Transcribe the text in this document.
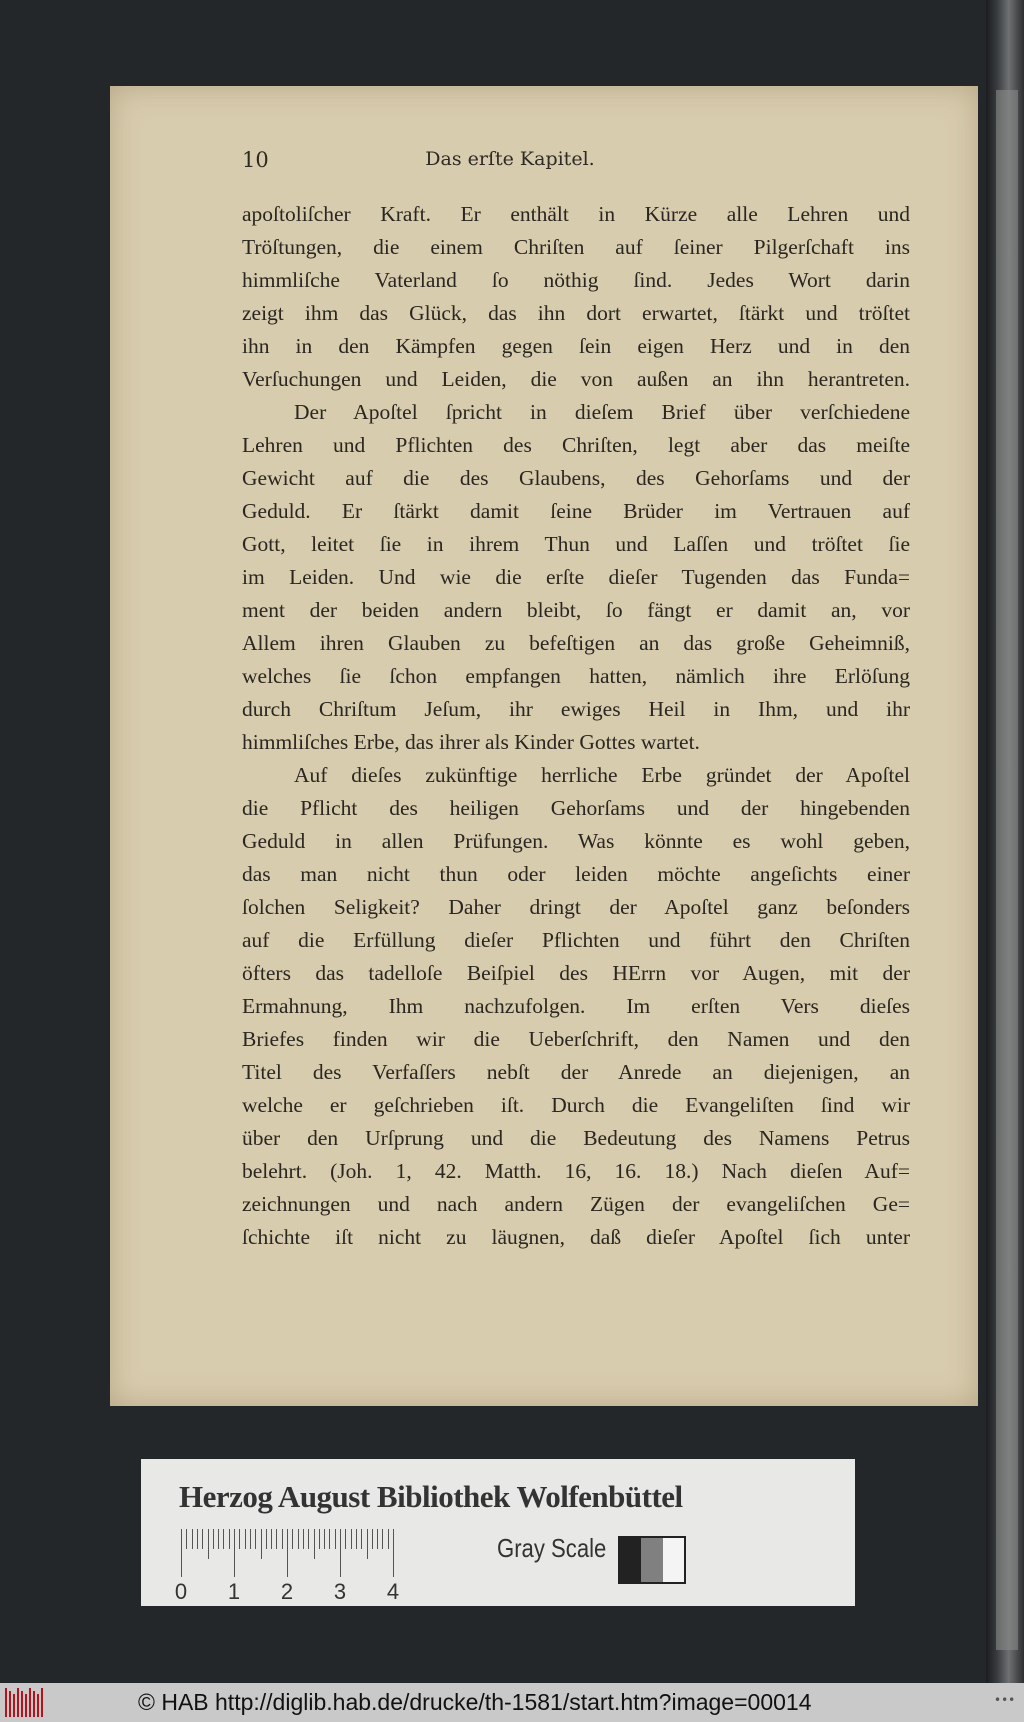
10	Das erſte Kapitel.
apoſtoliſcher Kraft. Er enthält in Kürze alle Lehren und
Tröſtungen, die einem Chriſten auf ſeiner Pilgerſchaft ins
himmliſche Vaterland ſo nöthig ſind. Jedes Wort darin
zeigt ihm das Glück, das ihn dort erwartet, ſtärkt und tröſtet
ihn in den Kämpfen gegen ſein eigen Herz und in den
Verſuchungen und Leiden, die von außen an ihn herantreten.
Der Apoſtel ſpricht in dieſem Brief über verſchiedene
Lehren und Pflichten des Chriſten, legt aber das meiſte
Gewicht auf die des Glaubens, des Gehorſams und der
Geduld. Er ſtärkt damit ſeine Brüder im Vertrauen auf
Gott, leitet ſie in ihrem Thun und Laſſen und tröſtet ſie
im Leiden. Und wie die erſte dieſer Tugenden das Funda=
ment der beiden andern bleibt, ſo fängt er damit an, vor
Allem ihren Glauben zu befeſtigen an das große Geheimniß,
welches ſie ſchon empfangen hatten, nämlich ihre Erlöſung
durch Chriſtum Jeſum, ihr ewiges Heil in Ihm, und ihr
himmliſches Erbe, das ihrer als Kinder Gottes wartet.
Auf dieſes zukünftige herrliche Erbe gründet der Apoſtel
die Pflicht des heiligen Gehorſams und der hingebenden
Geduld in allen Prüfungen. Was könnte es wohl geben,
das man nicht thun oder leiden möchte angeſichts einer
ſolchen Seligkeit? Daher dringt der Apoſtel ganz beſonders
auf die Erfüllung dieſer Pflichten und führt den Chriſten
öfters das tadelloſe Beiſpiel des HErrn vor Augen, mit der
Ermahnung, Ihm nachzufolgen. Im erſten Vers dieſes
Briefes finden wir die Ueberſchrift, den Namen und den
Titel des Verfaſſers nebſt der Anrede an diejenigen, an
welche er geſchrieben iſt. Durch die Evangeliſten ſind wir
über den Urſprung und die Bedeutung des Namens Petrus
belehrt. (Joh. 1, 42. Matth. 16, 16. 18.) Nach dieſen Auf=
zeichnungen und nach andern Zügen der evangeliſchen Ge=
ſchichte iſt nicht zu läugnen, daß dieſer Apoſtel ſich unter
Herzog August Bibliothek Wolfenbüttel
0 1 2 3 4
Gray Scale
© HAB http://diglib.hab.de/drucke/th-1581/start.htm?image=00014	•••
